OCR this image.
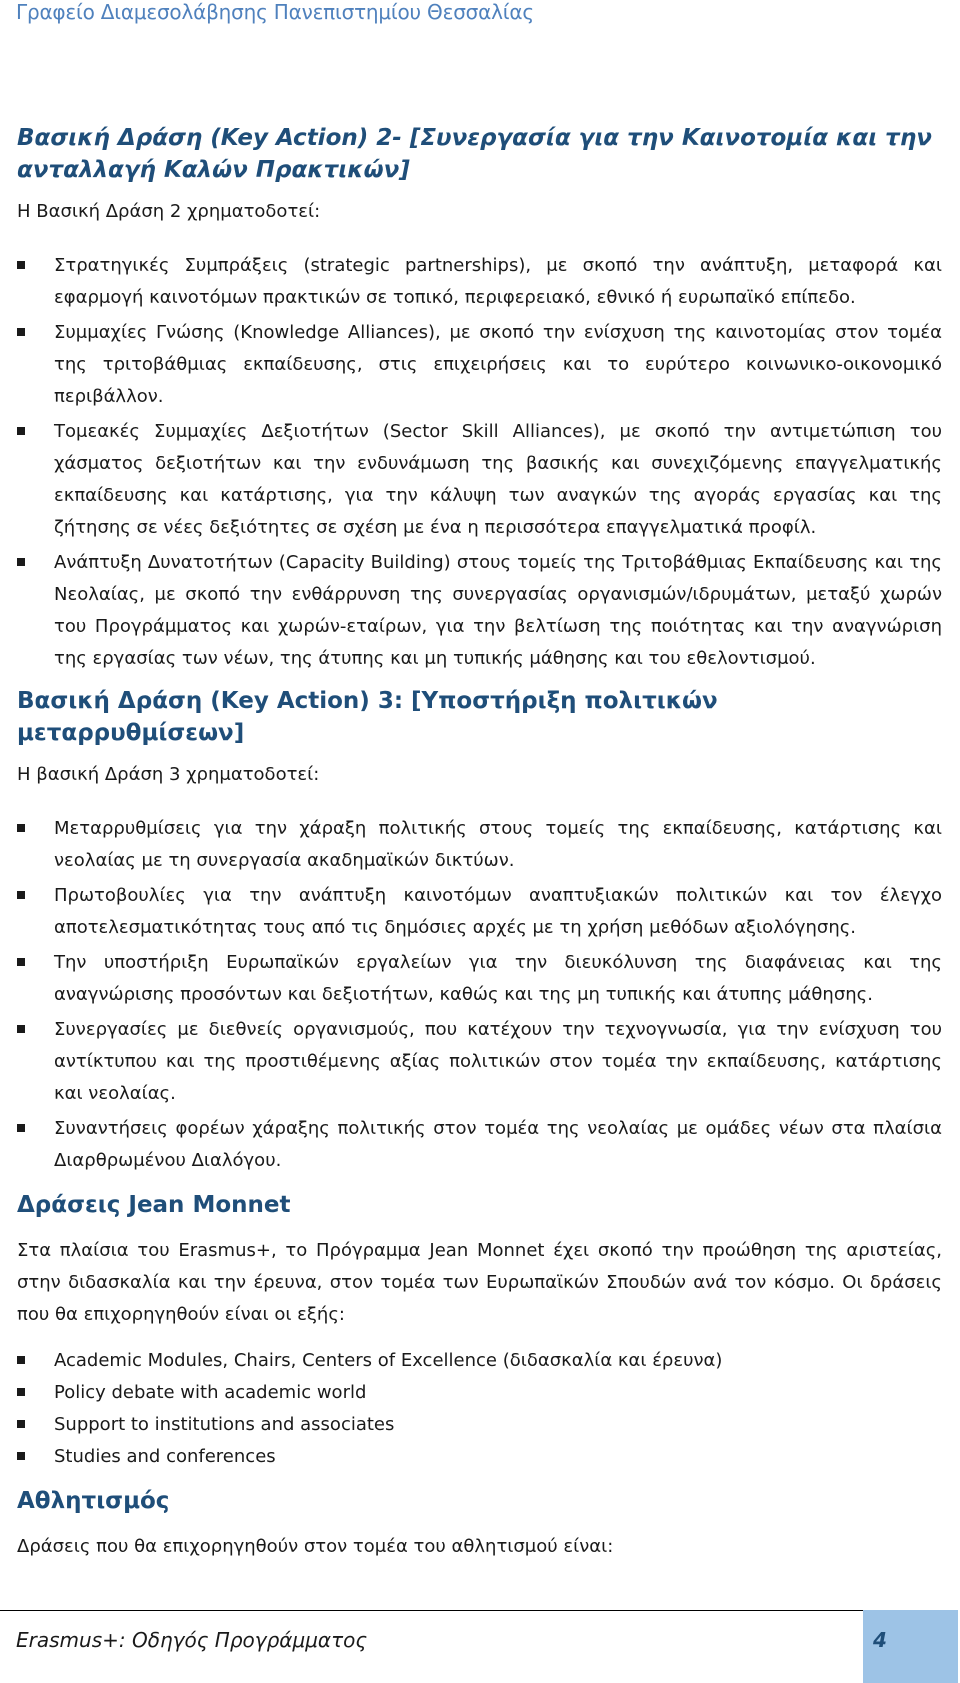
Γραφείο Διαμεσολάβησης Πανεπιστημίου Θεσσαλίας
Βασική Δράση (Key Action) 2- [Συνεργασία για την Καινοτομία και την ανταλλαγή Καλών Πρακτικών]

Η Βασική Δράση 2 χρηματοδοτεί:

Στρατηγικές Συμπράξεις (strategic partnerships), με σκοπό την ανάπτυξη, μεταφορά και εφαρμογή καινοτόμων πρακτικών σε τοπικό, περιφερειακό, εθνικό ή ευρωπαϊκό επίπεδο.
Συμμαχίες Γνώσης (Knowledge Alliances), με σκοπό την ενίσχυση της καινοτομίας στον τομέα της τριτοβάθμιας εκπαίδευσης, στις επιχειρήσεις και το ευρύτερο κοινωνικο-οικονομικό περιβάλλον.
Τομεακές Συμμαχίες Δεξιοτήτων (Sector Skill Alliances), με σκοπό την αντιμετώπιση του χάσματος δεξιοτήτων και την ενδυνάμωση της βασικής και συνεχιζόμενης επαγγελματικής εκπαίδευσης και κατάρτισης, για την κάλυψη των αναγκών της αγοράς εργασίας και της ζήτησης σε νέες δεξιότητες σε σχέση με ένα η περισσότερα επαγγελματικά προφίλ.
Ανάπτυξη Δυνατοτήτων (Capacity Building) στους τομείς της Τριτοβάθμιας Εκπαίδευσης και της Νεολαίας, με σκοπό την ενθάρρυνση της συνεργασίας οργανισμών/ιδρυμάτων, μεταξύ χωρών του Προγράμματος και χωρών-εταίρων, για την βελτίωση της ποιότητας και την αναγνώριση της εργασίας των νέων, της άτυπης και μη τυπικής μάθησης και του εθελοντισμού.
Βασική Δράση (Key Action) 3: [Υποστήριξη πολιτικών μεταρρυθμίσεων]

Η βασική Δράση 3 χρηματοδοτεί:

Μεταρρυθμίσεις για την χάραξη πολιτικής στους τομείς της εκπαίδευσης, κατάρτισης και νεολαίας με τη συνεργασία ακαδημαϊκών δικτύων.
Πρωτοβουλίες για την ανάπτυξη καινοτόμων αναπτυξιακών πολιτικών και τον έλεγχο αποτελεσματικότητας τους από τις δημόσιες αρχές με τη χρήση μεθόδων αξιολόγησης.
Την υποστήριξη Ευρωπαϊκών εργαλείων για την διευκόλυνση της διαφάνειας και της αναγνώρισης προσόντων και δεξιοτήτων, καθώς και της μη τυπικής και άτυπης μάθησης.
Συνεργασίες με διεθνείς οργανισμούς, που κατέχουν την τεχνογνωσία, για την ενίσχυση του αντίκτυπου και της προστιθέμενης αξίας πολιτικών στον τομέα την εκπαίδευσης, κατάρτισης και νεολαίας.
Συναντήσεις φορέων χάραξης πολιτικής στον τομέα της νεολαίας με ομάδες νέων στα πλαίσια Διαρθρωμένου Διαλόγου.
Δράσεις Jean Monnet

Στα πλαίσια του Erasmus+, το Πρόγραμμα Jean Monnet έχει σκοπό την προώθηση της αριστείας, στην διδασκαλία και την έρευνα, στον τομέα των Ευρωπαϊκών Σπουδών ανά τον κόσμο. Οι δράσεις που θα επιχορηγηθούν είναι οι εξής:

Academic Modules, Chairs, Centers of Excellence (διδασκαλία και έρευνα)
Policy debate with academic world
Support to institutions and associates
Studies and conferences
Αθλητισμός

Δράσεις που θα επιχορηγηθούν στον τομέα του αθλητισμού είναι:

Erasmus+: Οδηγός Προγράμματος	4
